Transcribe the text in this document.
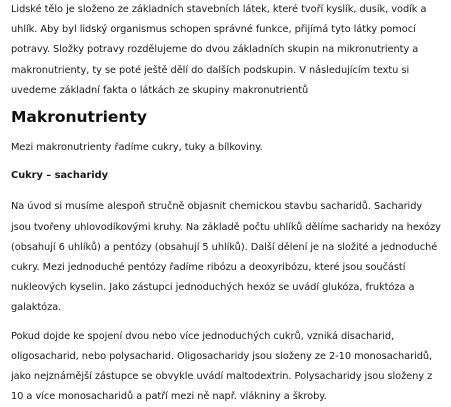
Lidské tělo je složeno ze základních stavebních látek, které tvoří kyslík, dusík, vodík a uhlík. Aby byl lidský organismus schopen správné funkce, přijímá tyto látky pomocí potravy. Složky potravy rozdělujeme do dvou základních skupin na mikronutrienty a makronutrienty, ty se poté ještě dělí do dalších podskupin. V následujícím textu si uvedeme základní fakta o látkách ze skupiny makronutrientů

Makronutrienty

Mezi makronutrienty řadíme cukry, tuky a bílkoviny.

Cukry – sacharidy

Na úvod si musíme alespoň stručně objasnit chemickou stavbu sacharidů. Sacharidy jsou tvořeny uhlovodíkovými kruhy. Na základě počtu uhlíků dělíme sacharidy na hexózy (obsahují 6 uhlíků) a pentózy (obsahují 5 uhlíků). Další dělení je na složité a jednoduché cukry. Mezi jednoduché pentózy řadíme ribózu a deoxyribózu, které jsou součástí nukleových kyselin. Jako zástupci jednoduchých hexóz se uvádí glukóza, fruktóza a galaktóza.

Pokud dojde ke spojení dvou nebo více jednoduchých cukrů, vzniká disacharid, oligosacharid, nebo polysacharid. Oligosacharidy jsou složeny ze 2-10 monosacharidů, jako nejznámější zástupce se obvykle uvádí maltodextrin. Polysacharidy jsou složeny z 10 a více monosacharidů a patří mezi ně např. vlákniny a škroby.
